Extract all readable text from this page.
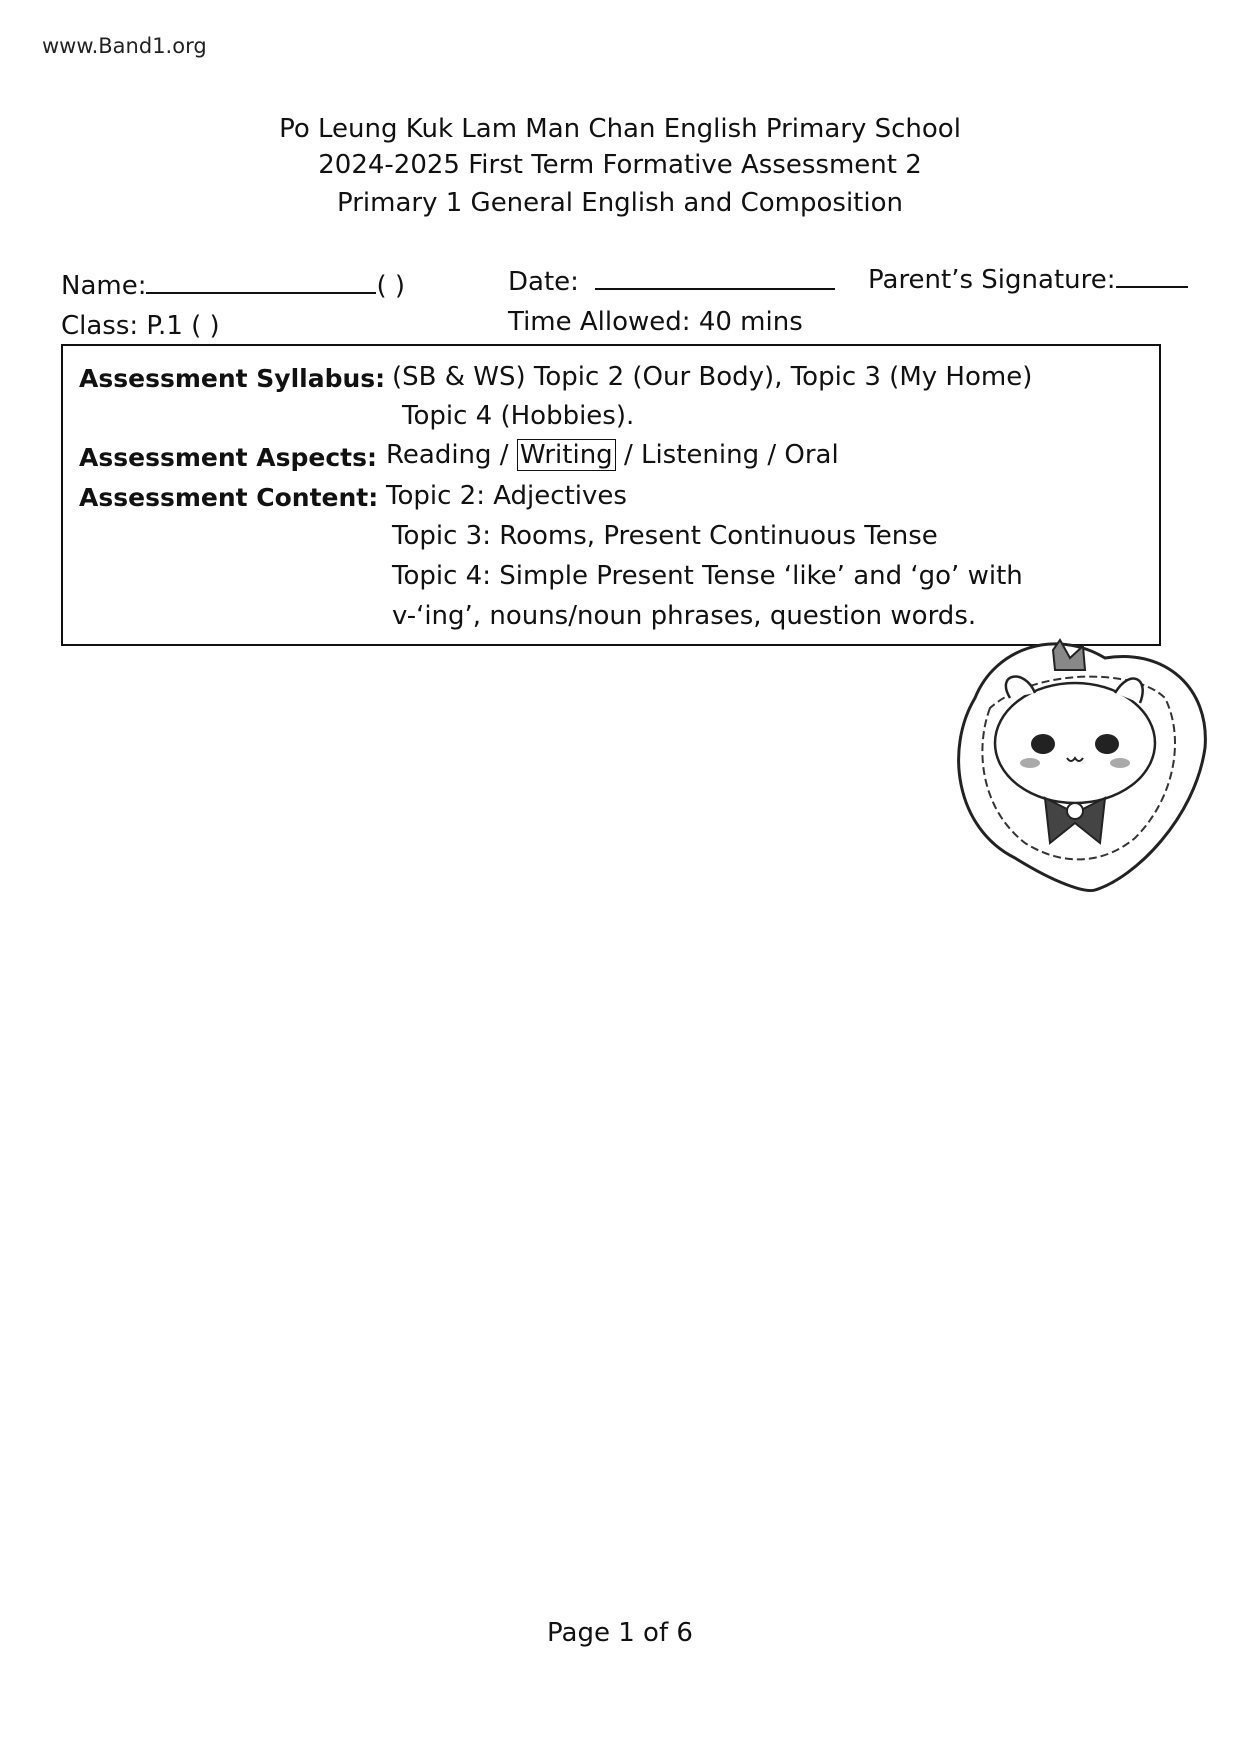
www.Band1.org
Po Leung Kuk Lam Man Chan English Primary School
2024-2025 First Term Formative Assessment 2
Primary 1 General English and Composition
Name:	( )	Date:	Parent’s Signature:
Class: P.1 ( )	Time Allowed: 40 mins
Assessment Syllabus: (SB & WS) Topic 2 (Our Body), Topic 3 (My Home)
Topic 4 (Hobbies).
Assessment Aspects: Reading / Writing / Listening / Oral
Assessment Content: Topic 2: Adjectives
Topic 3: Rooms, Present Continuous Tense
Topic 4: Simple Present Tense ‘like’ and ‘go’ with
v-‘ing’, nouns/noun phrases, question words.
Page 1 of 6
